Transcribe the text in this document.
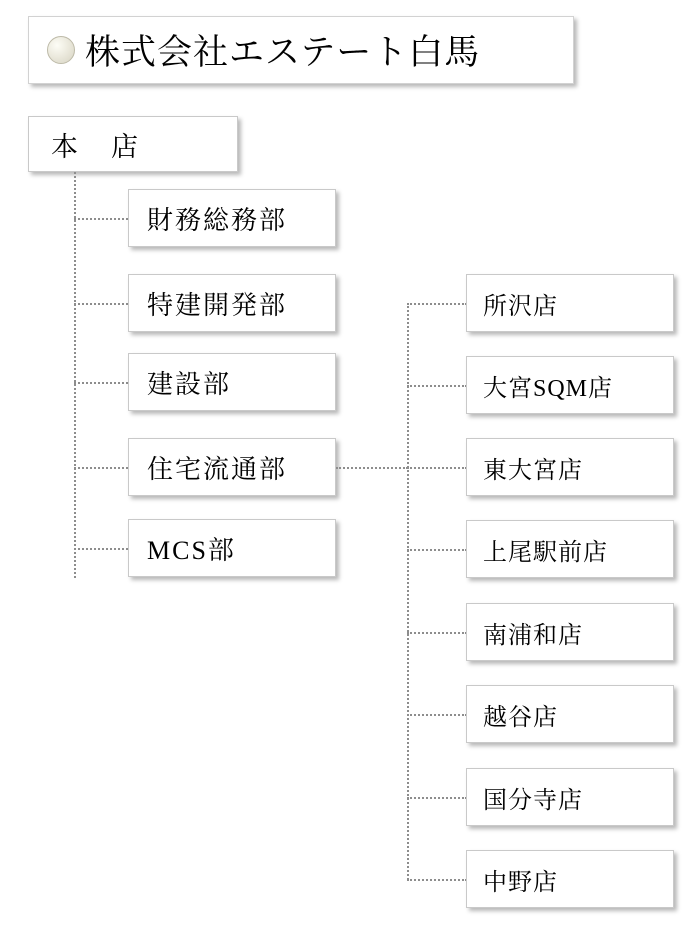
株式会社エステート白馬
本　店
財務総務部
特建開発部
建設部
住宅流通部
MCS部
所沢店
大宮SQM店
東大宮店
上尾駅前店
南浦和店
越谷店
国分寺店
中野店
